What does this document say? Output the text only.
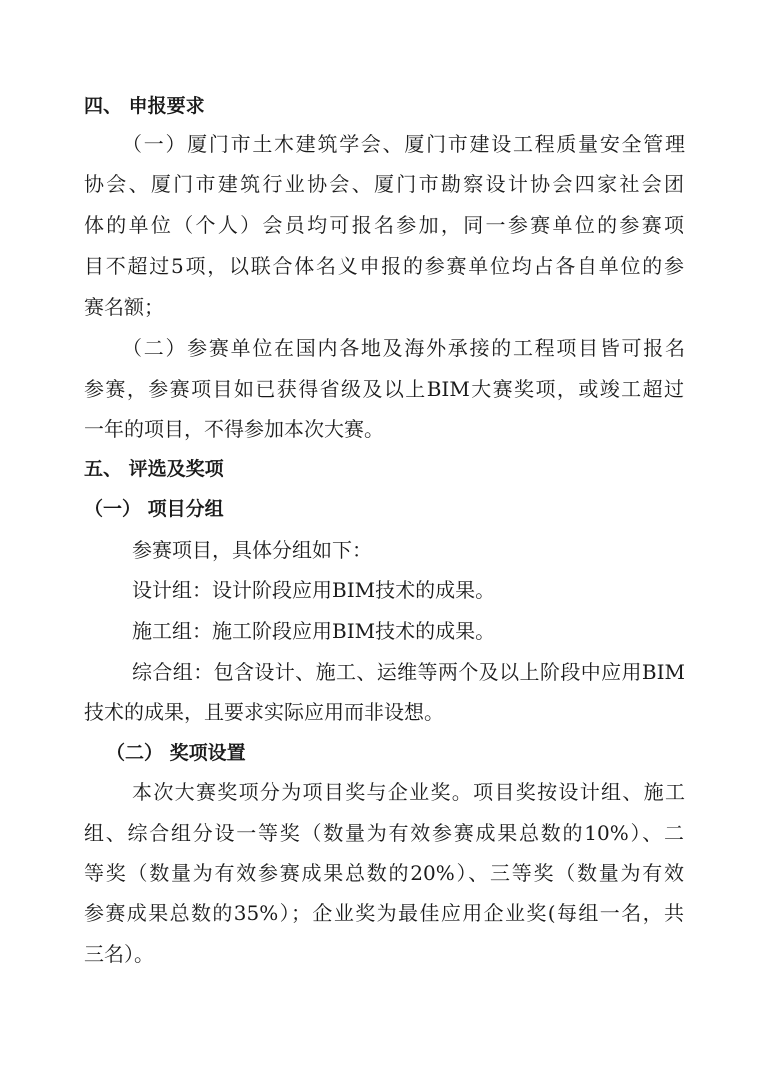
四、 申报要求
（一）厦门市土木建筑学会、厦门市建设工程质量安全管理
协会、厦门市建筑行业协会、厦门市勘察设计协会四家社会团
体的单位（个人）会员均可报名参加，同一参赛单位的参赛项
目不超过5项，以联合体名义申报的参赛单位均占各自单位的参
赛名额；
（二）参赛单位在国内各地及海外承接的工程项目皆可报名
参赛，参赛项目如已获得省级及以上BIM大赛奖项，或竣工超过
一年的项目，不得参加本次大赛。
五、 评选及奖项
（一） 项目分组
参赛项目，具体分组如下：
设计组：设计阶段应用BIM技术的成果。
施工组：施工阶段应用BIM技术的成果。
综合组：包含设计、施工、运维等两个及以上阶段中应用BIM
技术的成果，且要求实际应用而非设想。
（二） 奖项设置
本次大赛奖项分为项目奖与企业奖。项目奖按设计组、施工
组、综合组分设一等奖（数量为有效参赛成果总数的10%）、二
等奖（数量为有效参赛成果总数的20%）、三等奖（数量为有效
参赛成果总数的35%）；企业奖为最佳应用企业奖(每组一名，共
三名）。
